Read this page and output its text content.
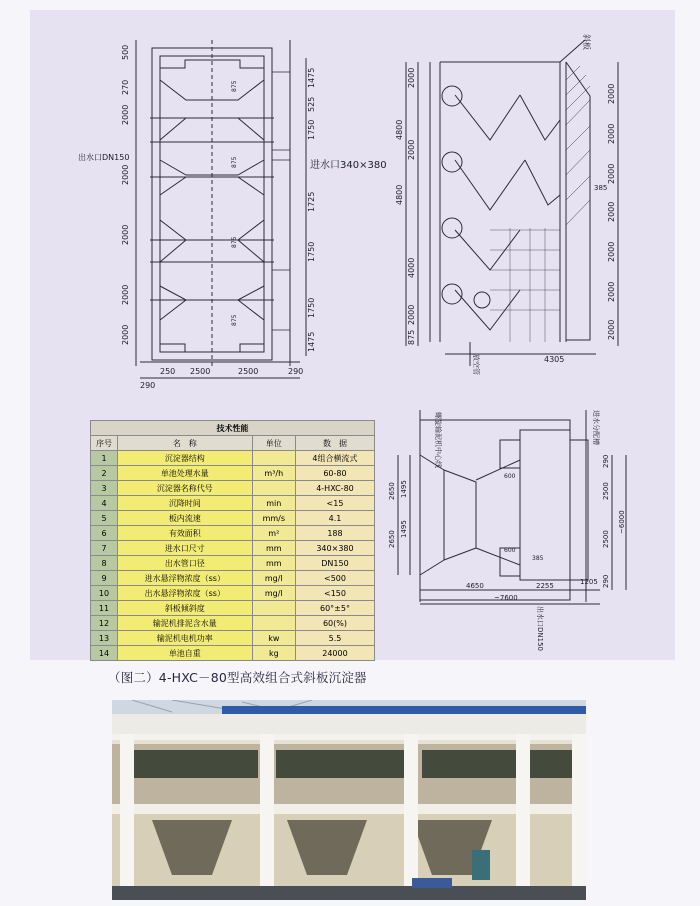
出水口DN150
进水口340×380
250 2500	2500	290
290
500
270
2000
2000
2000
2000
2000
1475
525
1750
1725
1750
1750
1475
875
875
875
875
斜板
4305
385
放空管
2000
4800
2000
4800
4000
2000
875
2000
2000
2000
2000
2000
2000
2000
螺旋输泥机中心线	进水分配槽
出水口DN150
2650 1495
1495
2650
290
2500
2500
290
~6000
4650	2255	1205
~7600
600
600
385
技术性能			
序号	名　称	单位	数　据
1	沉淀器结构		4组合横流式
2	单池处理水量	m³/h	60-80
3	沉淀器名称代号		4-HXC-80
4	沉降时间	min	<15
5	板内流速	mm/s	4.1
6	有效面积	m²	188
7	进水口尺寸	mm	340×380
8	出水管口径	mm	DN150
9	进水悬浮物浓度（ss）	mg/l	<500
10	出水悬浮物浓度（ss）	mg/l	<150
11	斜板倾斜度		60°±5°
12	输泥机排泥含水量		60(%)
13	输泥机电机功率	kw	5.5
14	单池自重	kg	24000
（图二）4-HXC－80型高效组合式斜板沉淀器
